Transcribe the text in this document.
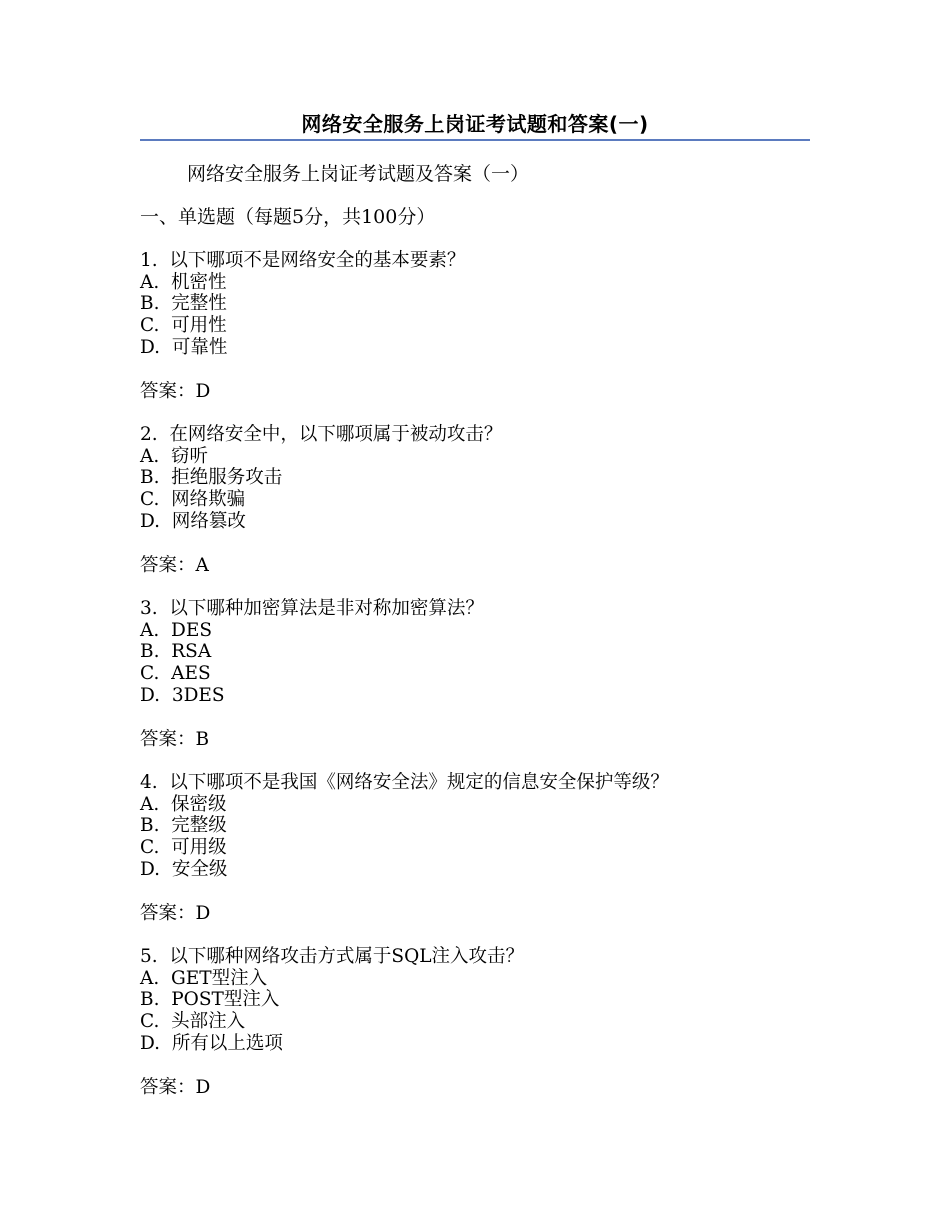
网络安全服务上岗证考试题和答案(一)
网络安全服务上岗证考试题及答案（一）
一、单选题（每题5分，共100分）
1.  以下哪项不是网络安全的基本要素？
A.  机密性
B.  完整性
C.  可用性
D.  可靠性
答案：D
2.  在网络安全中，以下哪项属于被动攻击？
A.  窃听
B.  拒绝服务攻击
C.  网络欺骗
D.  网络篡改
答案：A
3.  以下哪种加密算法是非对称加密算法？
A.  DES
B.  RSA
C.  AES
D.  3DES
答案：B
4.  以下哪项不是我国《网络安全法》规定的信息安全保护等级？
A.  保密级
B.  完整级
C.  可用级
D.  安全级
答案：D
5.  以下哪种网络攻击方式属于SQL注入攻击？
A.  GET型注入
B.  POST型注入
C.  头部注入
D.  所有以上选项
答案：D
